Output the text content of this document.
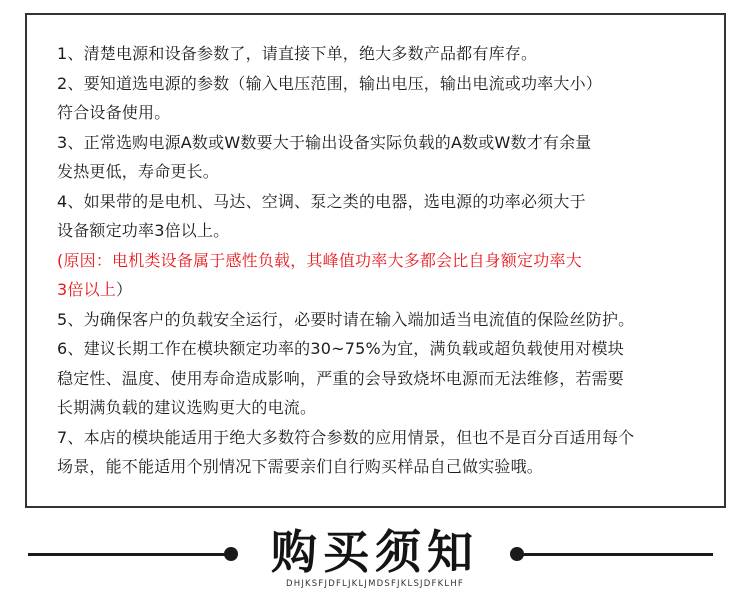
1、清楚电源和设备参数了，请直接下单，绝大多数产品都有库存。
2、要知道选电源的参数（输入电压范围，输出电压，输出电流或功率大小）
符合设备使用。
3、正常选购电源A数或W数要大于输出设备实际负载的A数或W数才有余量
发热更低，寿命更长。
4、如果带的是电机、马达、空调、泵之类的电器，选电源的功率必须大于
设备额定功率3倍以上。
(原因：电机类设备属于感性负载，其峰值功率大多都会比自身额定功率大
3倍以上）
5、为确保客户的负载安全运行，必要时请在输入端加适当电流值的保险丝防护。
6、建议长期工作在模块额定功率的30~75%为宜，满负载或超负载使用对模块
稳定性、温度、使用寿命造成影响，严重的会导致烧坏电源而无法维修，若需要
长期满负载的建议选购更大的电流。
7、本店的模块能适用于绝大多数符合参数的应用情景，但也不是百分百适用每个
场景，能不能适用个别情况下需要亲们自行购买样品自己做实验哦。
购买须知
DHJKSFJDFLJKLJMDSFJKLSJDFKLHF
